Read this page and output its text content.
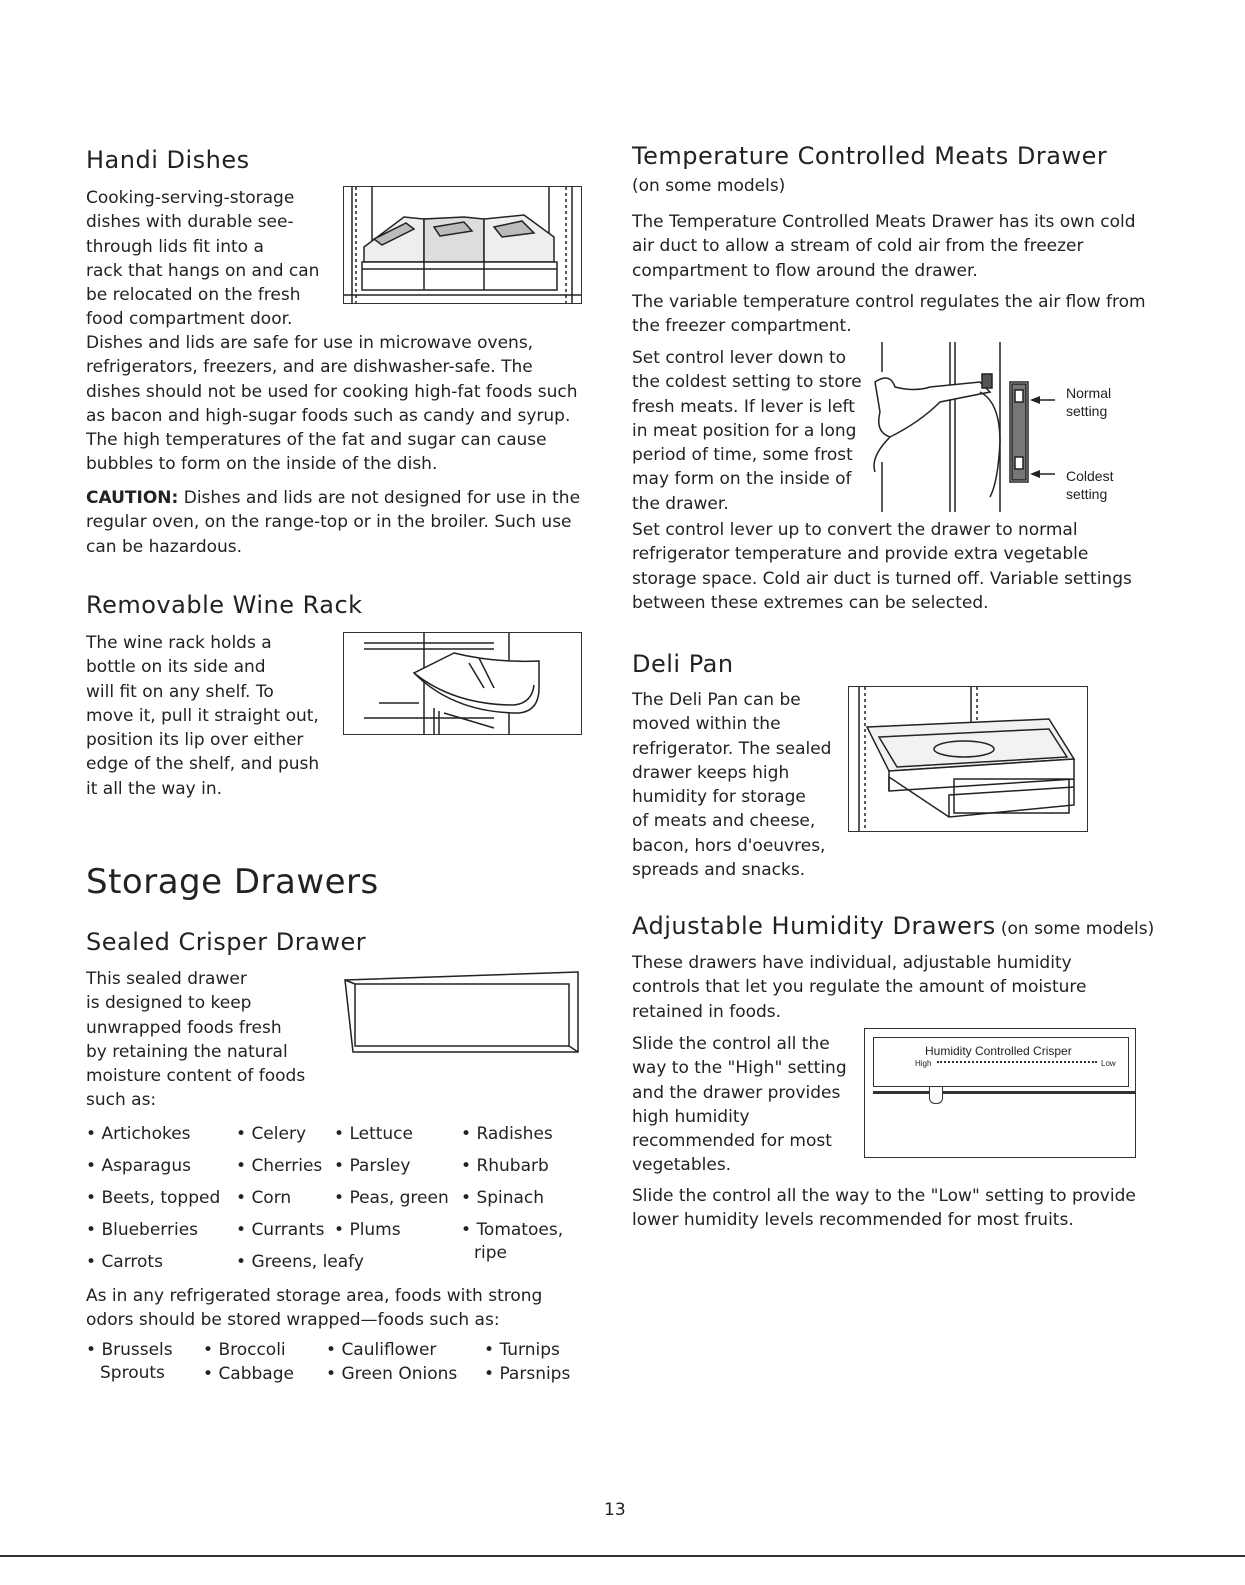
Handi Dishes
Cooking-serving-storage
dishes with durable see-
through lids fit into a
rack that hangs on and can
be relocated on the fresh
food compartment door.
Dishes and lids are safe for use in microwave ovens, refrigerators, freezers, and are dishwasher-safe. The dishes should not be used for cooking high-fat foods such as bacon and high-sugar foods such as candy and syrup. The high temperatures of the fat and sugar can cause bubbles to form on the inside of the dish.
CAUTION: Dishes and lids are not designed for use in the regular oven, on the range-top or in the broiler. Such use can be hazardous.
Removable Wine Rack
The wine rack holds a
bottle on its side and
will fit on any shelf. To
move it, pull it straight out,
position its lip over either
edge of the shelf, and push
it all the way in.
Storage Drawers
Sealed Crisper Drawer
This sealed drawer
is designed to keep
unwrapped foods fresh
by retaining the natural
moisture content of foods
such as:
• Artichokes
• Asparagus
• Beets, topped
• Blueberries
• Carrots
• Celery
• Cherries
• Corn
• Currants
• Greens, leafy
• Lettuce
• Parsley
• Peas, green
• Plums
• Radishes
• Rhubarb
• Spinach
• Tomatoes,
ripe
As in any refrigerated storage area, foods with strong odors should be stored wrapped—foods such as:
• Brussels
Sprouts
• Broccoli
• Cabbage
• Cauliflower
• Green Onions
• Turnips
• Parsnips
Temperature Controlled Meats Drawer
(on some models)
The Temperature Controlled Meats Drawer has its own cold air duct to allow a stream of cold air from the freezer compartment to flow around the drawer.
The variable temperature control regulates the air flow from the freezer compartment.
Set control lever down to
the coldest setting to store
fresh meats. If lever is left
in meat position for a long
period of time, some frost
may form on the inside of
the drawer.
Normal
setting
Coldest
setting
Set control lever up to convert the drawer to normal refrigerator temperature and provide extra vegetable storage space. Cold air duct is turned off. Variable settings between these extremes can be selected.
Deli Pan
The Deli Pan can be
moved within the
refrigerator. The sealed
drawer keeps high
humidity for storage
of meats and cheese,
bacon, hors d'oeuvres,
spreads and snacks.
Adjustable Humidity Drawers (on some models)
These drawers have individual, adjustable humidity controls that let you regulate the amount of moisture retained in foods.
Slide the control all the
way to the "High" setting
and the drawer provides
high humidity
recommended for most
vegetables.
Humidity Controlled Crisper
High	Low
Slide the control all the way to the "Low" setting to provide lower humidity levels recommended for most fruits.
13
